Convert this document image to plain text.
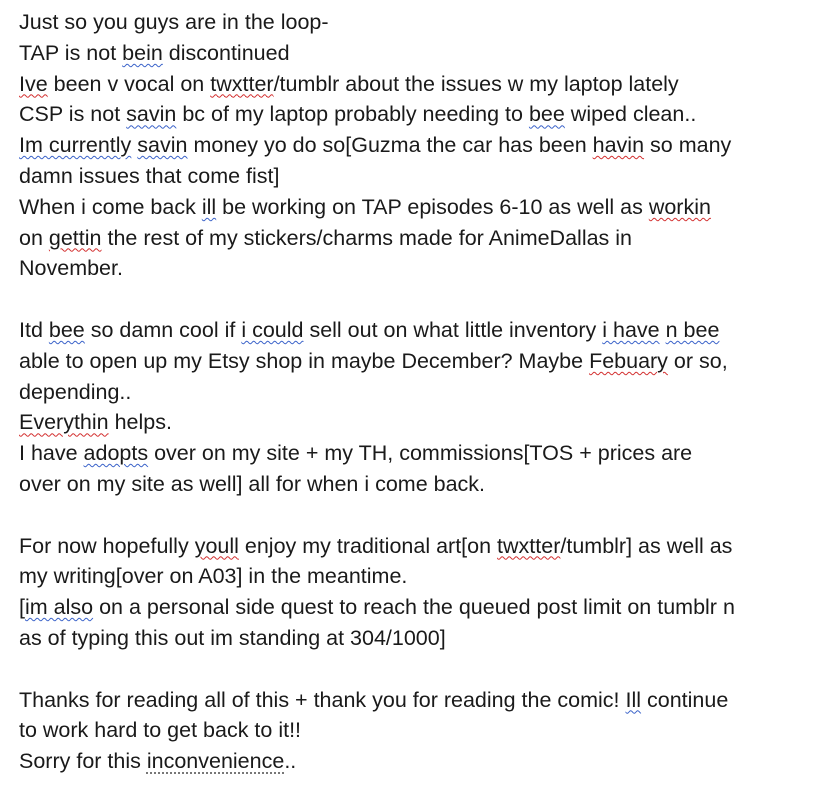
Just so you guys are in the loop-
TAP is not bein discontinued
Ive been v vocal on twxtter/tumblr about the issues w my laptop lately
CSP is not savin bc of my laptop probably needing to bee wiped clean..
Im currently savin money yo do so[Guzma the car has been havin so many
damn issues that come fist]
When i come back ill be working on TAP episodes 6-10 as well as workin
on gettin the rest of my stickers/charms made for AnimeDallas in
November.

Itd bee so damn cool if i could sell out on what little inventory i have n bee
able to open up my Etsy shop in maybe December? Maybe Febuary or so,
depending..
Everythin helps.
I have adopts over on my site + my TH, commissions[TOS + prices are
over on my site as well] all for when i come back.

For now hopefully youll enjoy my traditional art[on twxtter/tumblr] as well as
my writing[over on A03] in the meantime.
[im also on a personal side quest to reach the queued post limit on tumblr n
as of typing this out im standing at 304/1000]

Thanks for reading all of this + thank you for reading the comic! Ill continue
to work hard to get back to it!!
Sorry for this inconvenience..
